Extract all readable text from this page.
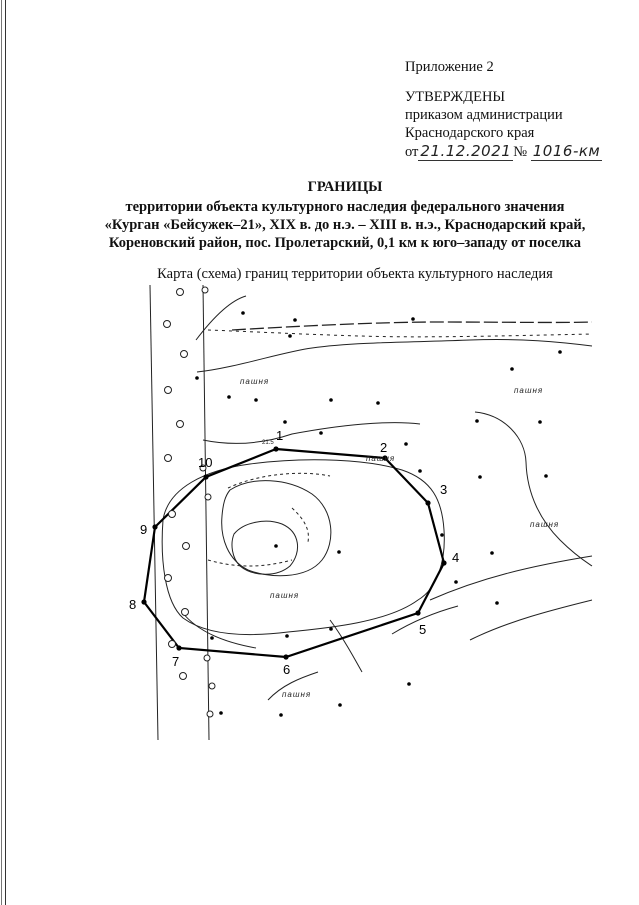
Приложение 2
УТВЕРЖДЕНЫ
приказом администрации
Краснодарского края
от 21.12.2021 № 1016-км
ГРАНИЦЫ
территории объекта культурного наследия федерального значения
«Курган «Бейсужек–21», XIX в. до н.э. – XIII в. н.э., Краснодарский край,
Кореновский район, пос. Пролетарский, 0,1 км к юго–западу от поселка
Карта (схема) границ территории объекта культурного наследия
1
2
3
4
5
6
7
8
9
10
пашня
пашня
пашня
пашня
пашня
пашня
21.5
